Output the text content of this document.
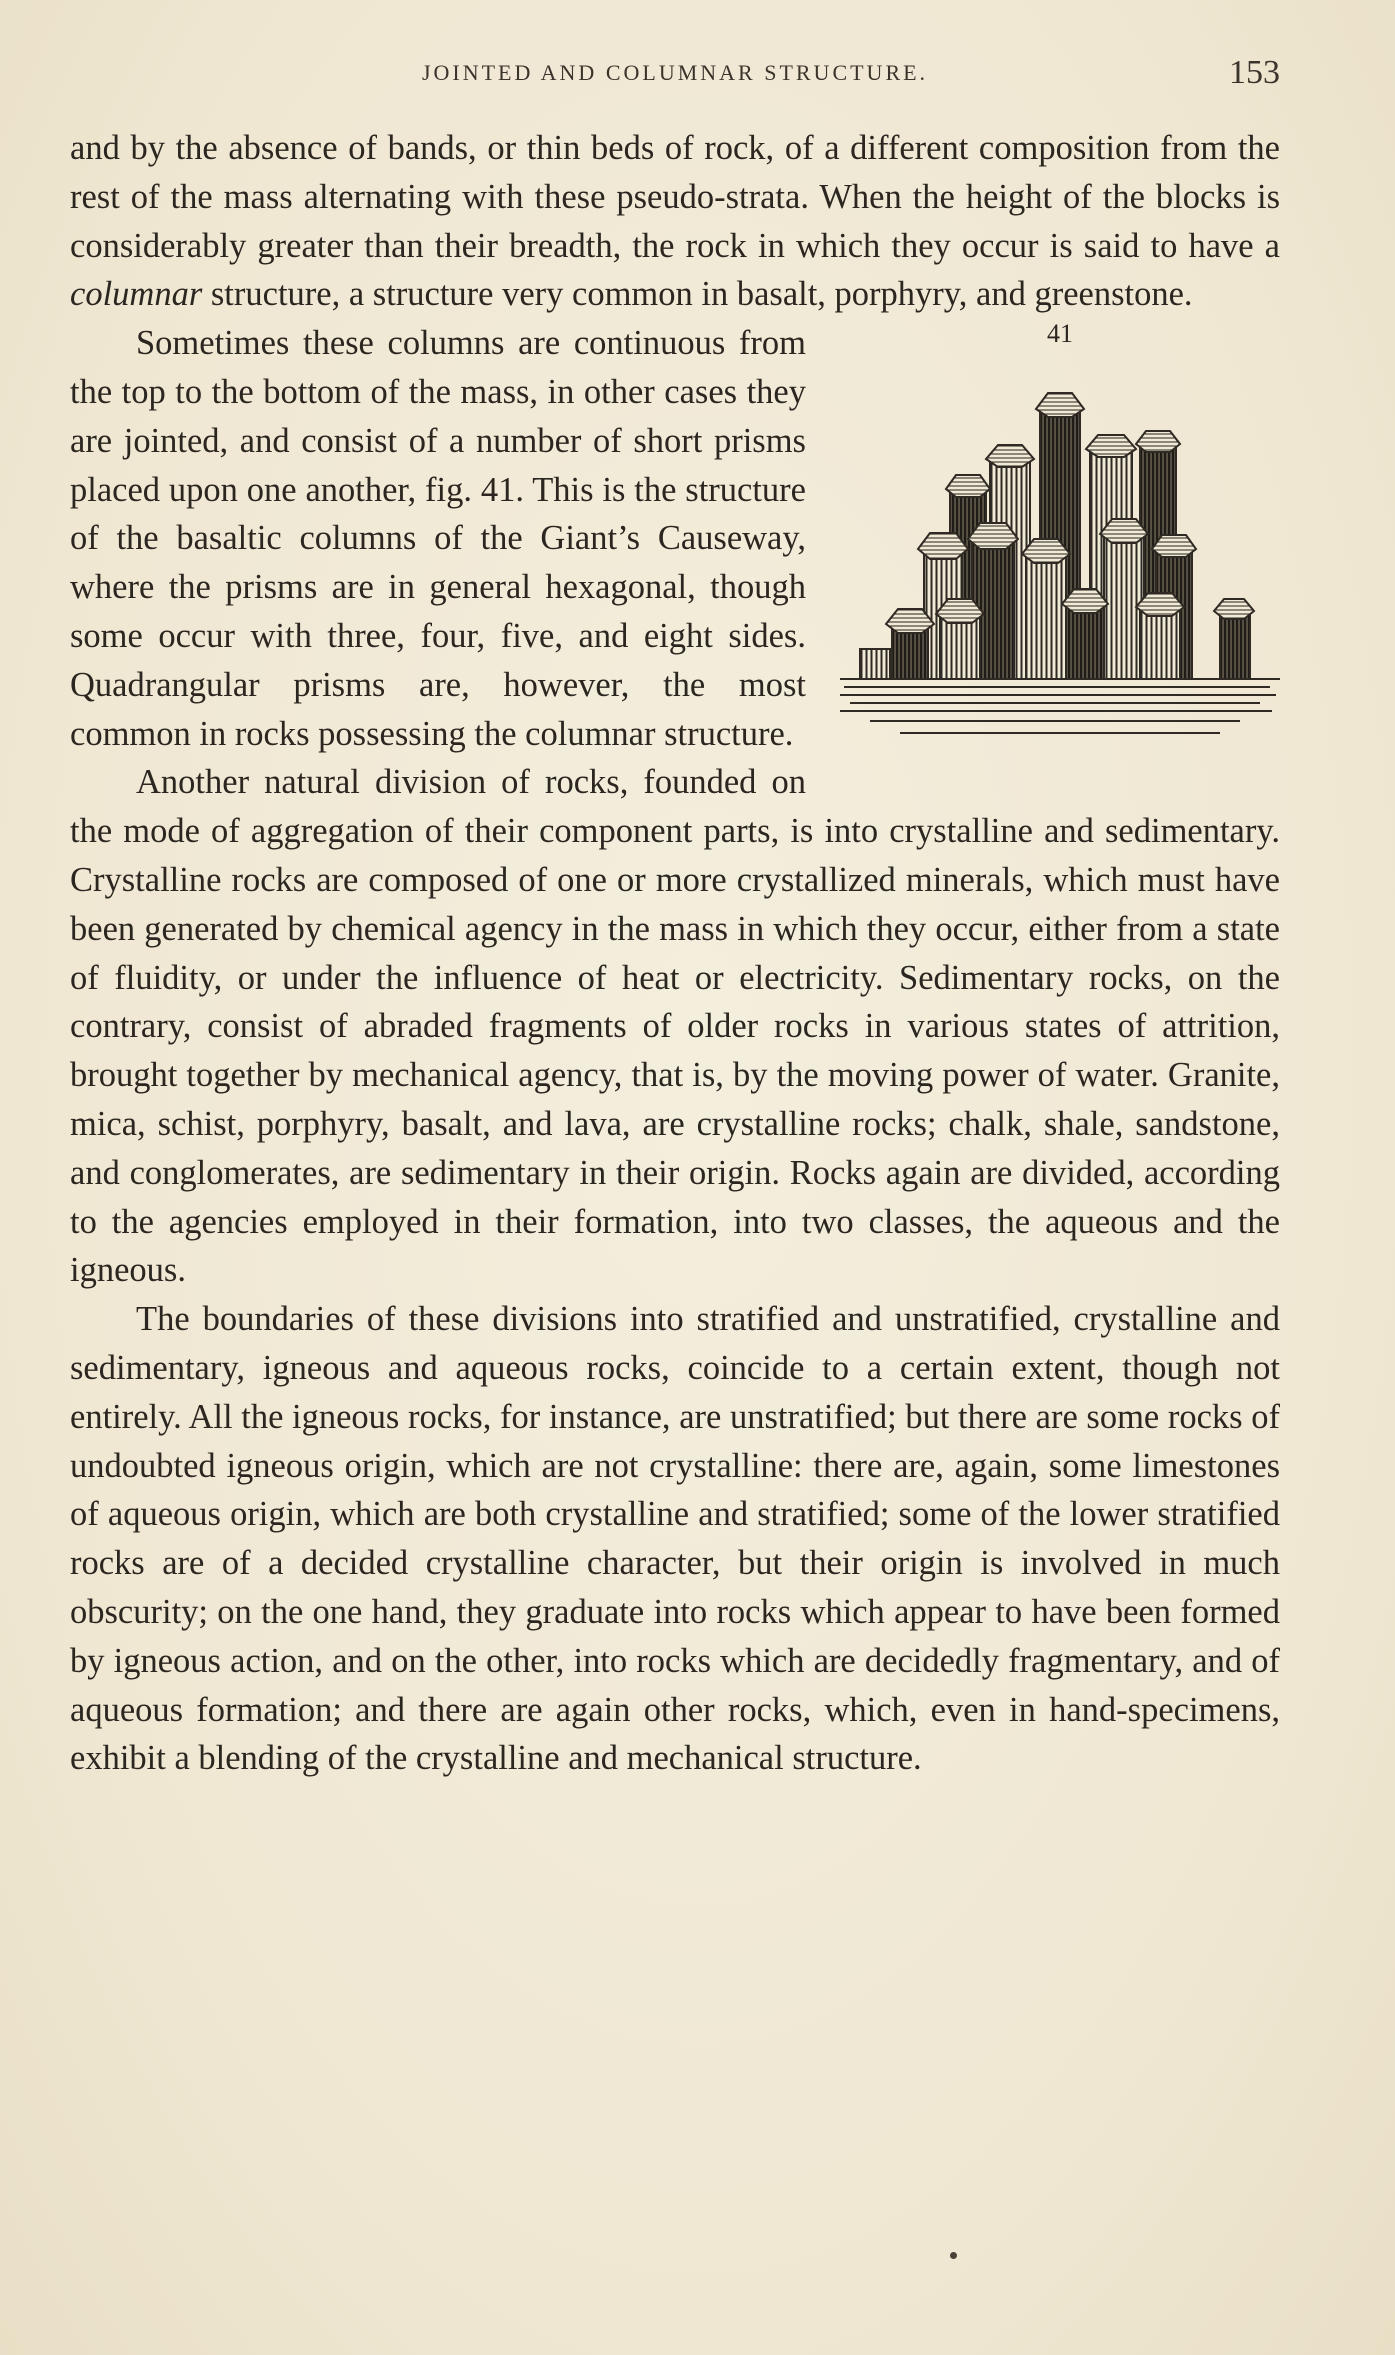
JOINTED AND COLUMNAR STRUCTURE.	153

and by the absence of bands, or thin beds of rock, of a different composition from the rest of the mass alternating with these pseudo-strata. When the height of the blocks is considerably greater than their breadth, the rock in which they occur is said to have a columnar structure, a structure very common in basalt, porphyry, and greenstone.

41

Sometimes these columns are continuous from the top to the bottom of the mass, in other cases they are jointed, and consist of a number of short prisms placed upon one another, fig. 41. This is the structure of the basaltic columns of the Giant’s Causeway, where the prisms are in general hexagonal, though some occur with three, four, five, and eight sides. Quadrangular prisms are, however, the most common in rocks possessing the columnar structure.

Another natural division of rocks, founded on the mode of aggregation of their component parts, is into crystalline and sedimentary. Crystalline rocks are composed of one or more crystallized minerals, which must have been generated by chemical agency in the mass in which they occur, either from a state of fluidity, or under the influence of heat or electricity. Sedimentary rocks, on the contrary, consist of abraded fragments of older rocks in various states of attrition, brought together by mechanical agency, that is, by the moving power of water. Granite, mica, schist, porphyry, basalt, and lava, are crystalline rocks; chalk, shale, sandstone, and conglomerates, are sedimentary in their origin. Rocks again are divided, according to the agencies employed in their formation, into two classes, the aqueous and the igneous.

The boundaries of these divisions into stratified and unstratified, crystalline and sedimentary, igneous and aqueous rocks, coincide to a certain extent, though not entirely. All the igneous rocks, for instance, are unstratified; but there are some rocks of undoubted igneous origin, which are not crystalline: there are, again, some limestones of aqueous origin, which are both crystalline and stratified; some of the lower stratified rocks are of a decided crystalline character, but their origin is involved in much obscurity; on the one hand, they graduate into rocks which appear to have been formed by igneous action, and on the other, into rocks which are decidedly fragmentary, and of aqueous formation; and there are again other rocks, which, even in hand-specimens, exhibit a blending of the crystalline and mechanical structure.
